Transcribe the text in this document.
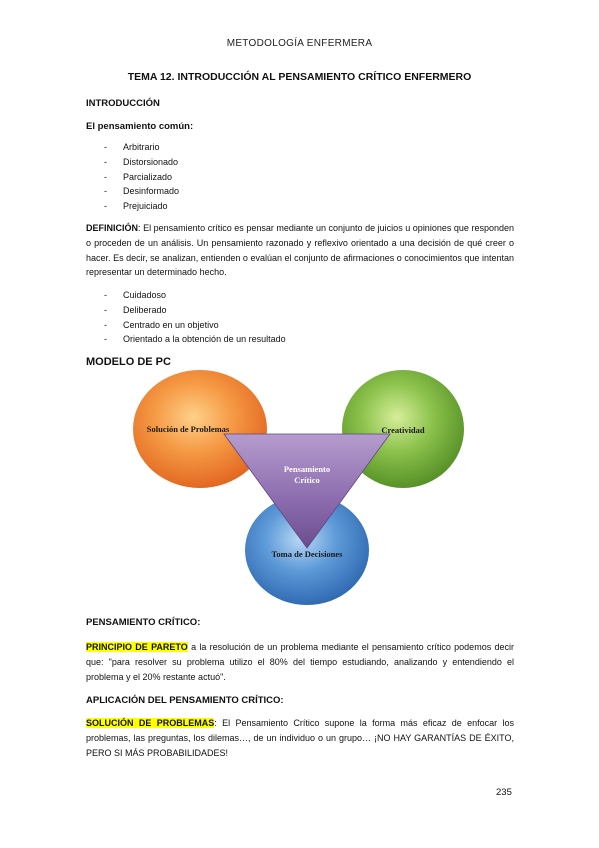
METODOLOGÍA ENFERMERA
TEMA 12. INTRODUCCIÓN AL PENSAMIENTO CRÍTICO ENFERMERO
INTRODUCCIÓN
El pensamiento común:
- Arbitrario
- Distorsionado
- Parcializado
- Desinformado
- Prejuiciado

DEFINICIÓN: El pensamiento crítico es pensar mediante un conjunto de juicios u opiniones que responden o proceden de un análisis. Un pensamiento razonado y reflexivo orientado a una decisión de qué creer o hacer. Es decir, se analizan, entienden o evalúan el conjunto de afirmaciones o conocimientos que intentan representar un determinado hecho.

- Cuidadoso
- Deliberado
- Centrado en un objetivo
- Orientado a la obtención de un resultado
MODELO DE PC
Solución de Problemas	Creatividad
Toma de Decisiones
Pensamiento
Crítico
PENSAMIENTO CRÍTICO:

PRINCIPIO DE PARETO a la resolución de un problema mediante el pensamiento crítico podemos decir que: "para resolver su problema utilizo el 80% del tiempo estudiando, analizando y entendiendo el problema y el 20% restante actuó".

APLICACIÓN DEL PENSAMIENTO CRÍTICO:

SOLUCIÓN DE PROBLEMAS: El Pensamiento Crítico supone la forma más eficaz de enfocar los problemas, las preguntas, los dilemas…, de un individuo o un grupo… ¡NO HAY GARANTÍAS DE ÉXITO, PERO SI MÁS PROBABILIDADES!

235
